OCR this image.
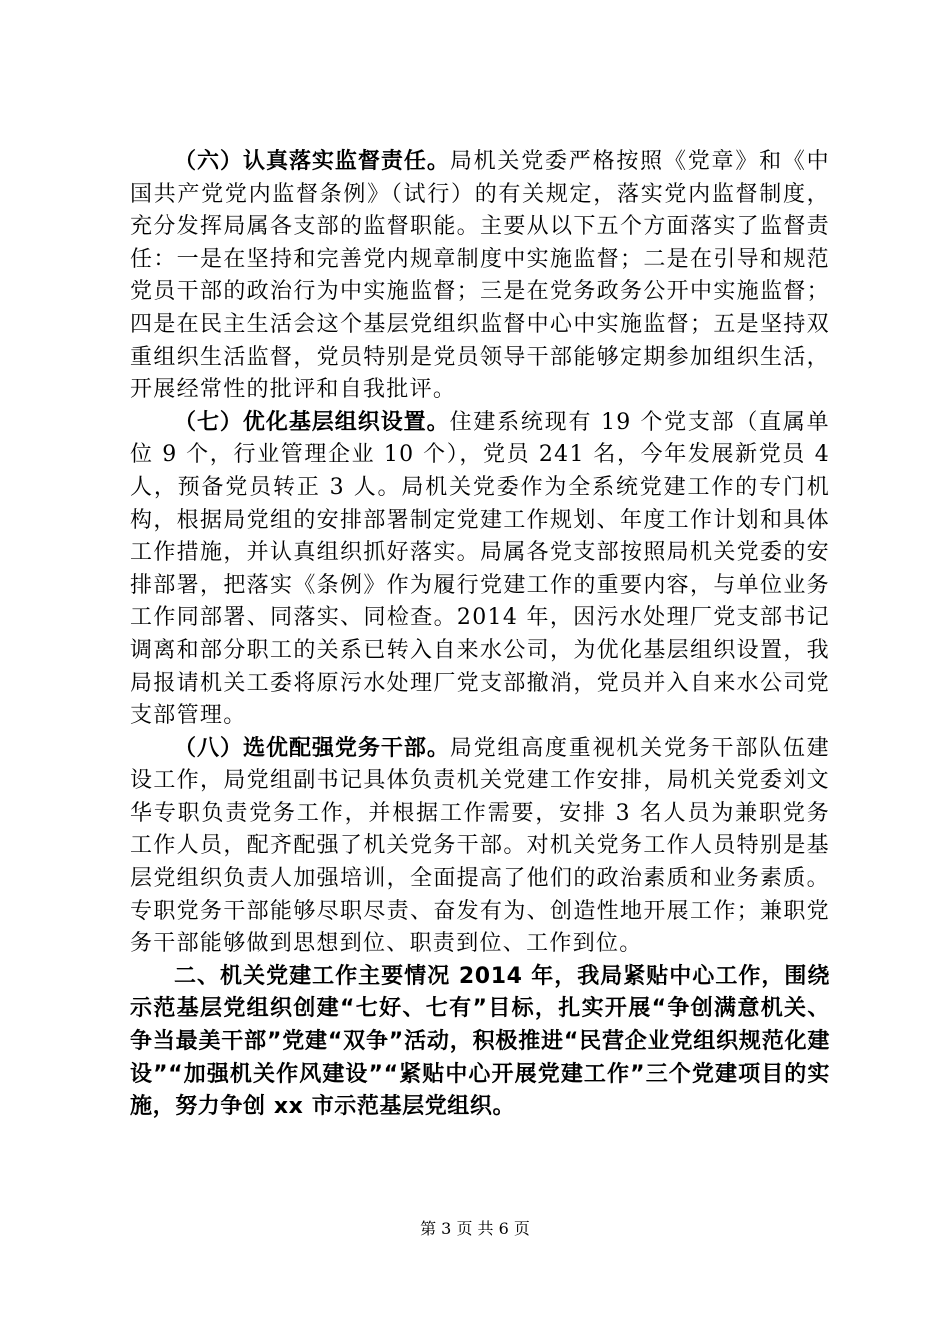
（六）认真落实监督责任。局机关党委严格按照《党章》和《中国共产党党内监督条例》（试行）的有关规定，落实党内监督制度，充分发挥局属各支部的监督职能。主要从以下五个方面落实了监督责任：一是在坚持和完善党内规章制度中实施监督；二是在引导和规范党员干部的政治行为中实施监督；三是在党务政务公开中实施监督；四是在民主生活会这个基层党组织监督中心中实施监督；五是坚持双重组织生活监督，党员特别是党员领导干部能够定期参加组织生活，开展经常性的批评和自我批评。

（七）优化基层组织设置。住建系统现有 19 个党支部（直属单位 9 个，行业管理企业 10 个），党员 241 名，今年发展新党员 4 人，预备党员转正 3 人。局机关党委作为全系统党建工作的专门机构，根据局党组的安排部署制定党建工作规划、年度工作计划和具体工作措施，并认真组织抓好落实。局属各党支部按照局机关党委的安排部署，把落实《条例》作为履行党建工作的重要内容，与单位业务工作同部署、同落实、同检查。2014 年，因污水处理厂党支部书记调离和部分职工的关系已转入自来水公司，为优化基层组织设置，我局报请机关工委将原污水处理厂党支部撤消，党员并入自来水公司党支部管理。

（八）选优配强党务干部。局党组高度重视机关党务干部队伍建设工作，局党组副书记具体负责机关党建工作安排，局机关党委刘文华专职负责党务工作，并根据工作需要，安排 3 名人员为兼职党务工作人员，配齐配强了机关党务干部。对机关党务工作人员特别是基层党组织负责人加强培训，全面提高了他们的政治素质和业务素质。专职党务干部能够尽职尽责、奋发有为、创造性地开展工作；兼职党务干部能够做到思想到位、职责到位、工作到位。

二、机关党建工作主要情况 2014 年，我局紧贴中心工作，围绕示范基层党组织创建“七好、七有”目标，扎实开展“争创满意机关、争当最美干部”党建“双争”活动，积极推进“民营企业党组织规范化建设”“加强机关作风建设”“紧贴中心开展党建工作”三个党建项目的实施，努力争创 xx 市示范基层党组织。

第 3 页 共 6 页
